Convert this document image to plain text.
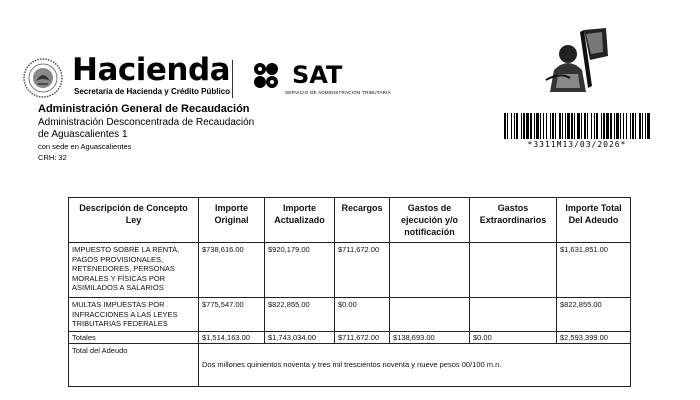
Hacienda
Secretaría de Hacienda y Crédito Público
SAT
SERVICIO DE ADMINISTRACIÓN TRIBUTARIA
*3311M13/03/2026*
Administración General de Recaudación
Administración Desconcentrada de Recaudación
de Aguascalientes 1
con sede en Aguascalientes
CRH: 32
Descripción de Concepto Ley	Importe Original	Importe Actualizado	Recargos	Gastos de ejecución y/o notificación	Gastos Extraordinarios	Importe Total Del Adeudo
IMPUESTO SOBRE LA RENTA, PAGOS PROVISIONALES, RETENEDORES, PERSONAS MORALES Y FÍSICAS POR ASIMILADOS A SALARIOS	$738,616.00	$920,179.00	$711,672.00			$1,631,851.00
MULTAS IMPUESTAS POR INFRACCIONES A LAS LEYES TRIBUTARIAS FEDERALES	$775,547.00	$822,855.00	$0.00			$822,855.00
Totales	$1,514,163.00	$1,743,034.00	$711,672.00	$138,693.00	$0.00	$2,593,399.00
Total del Adeudo	Dos millones quinientos noventa y tres mil trescientos noventa y nueve pesos 00/100 m.n.					
